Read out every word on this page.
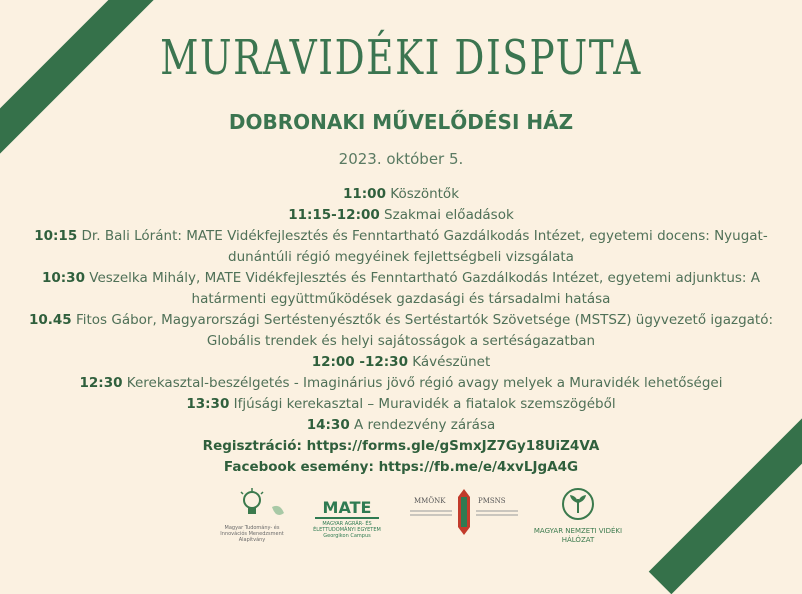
MURAVIDÉKI DISPUTA
DOBRONAKI MŰVELŐDÉSI HÁZ
2023. október 5.
11:00 Köszöntők
11:15-12:00 Szakmai előadások
10:15 Dr. Bali Lóránt: MATE Vidékfejlesztés és Fenntartható Gazdálkodás Intézet, egyetemi docens: Nyugat-dunántúli régió megyéinek fejlettségbeli vizsgálata
10:30 Veszelka Mihály, MATE Vidékfejlesztés és Fenntartható Gazdálkodás Intézet, egyetemi adjunktus: A határmenti együttműködések gazdasági és társadalmi hatása
10.45 Fitos Gábor, Magyarországi Sertéstenyésztők és Sertéstartók Szövetsége (MSTSZ) ügyvezető igazgató: Globális trendek és helyi sajátosságok a sertéságazatban
12:00 -12:30 Kávészünet
12:30 Kerekasztal-beszélgetés - Imaginárius jövő régió avagy melyek a Muravidék lehetőségei
13:30 Ifjúsági kerekasztal – Muravidék a fiatalok szemszögéből
14:30 A rendezvény zárása
Regisztráció: https://forms.gle/gSmxJZ7Gy18UiZ4VA
Facebook esemény: https://fb.me/e/4xvLJgA4G
Magyar Tudomány- és Innovációs Menedzsment Alapítvány
MATE
MAGYAR AGRÁR- ÉS ÉLETTUDOMÁNYI EGYETEM Georgikon Campus
MMÖNK	PMSNS
MAGYAR NEMZETI VIDÉKI HÁLÓZAT
